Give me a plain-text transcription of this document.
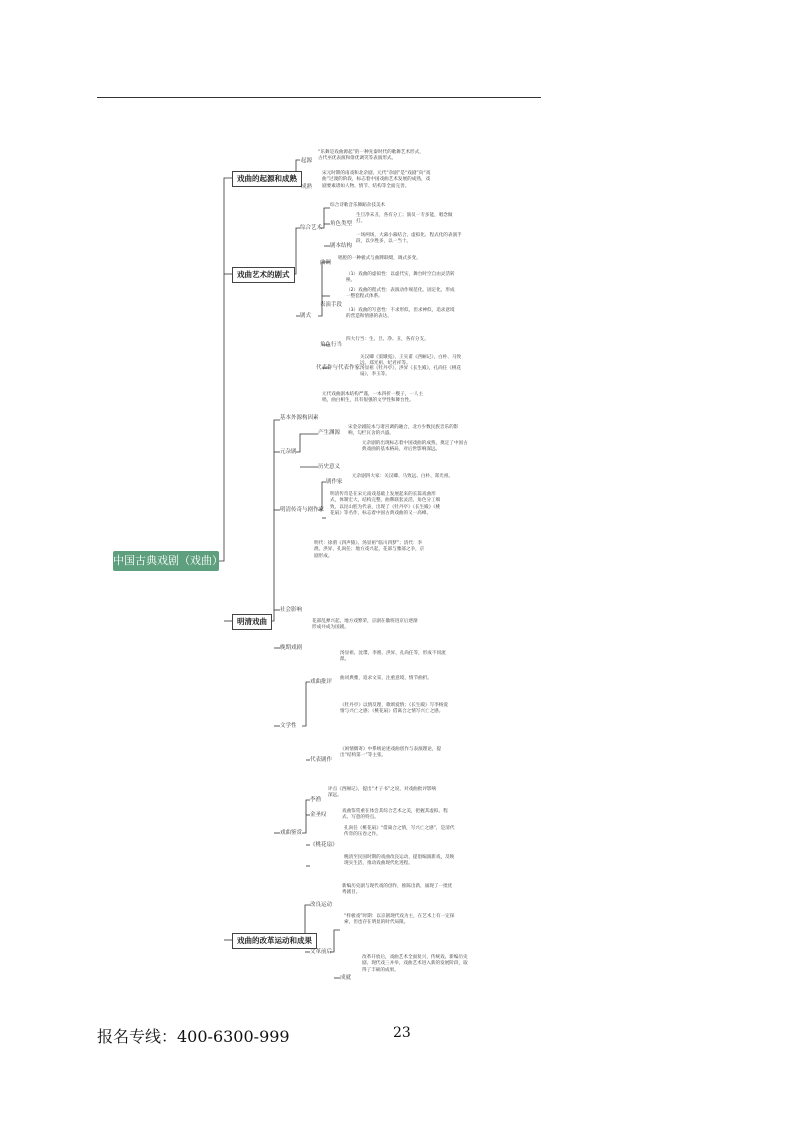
中国古典戏剧（戏曲）
戏曲的起源和成熟
戏曲艺术的剧式
明清戏曲
戏曲的改革运动和成果
起源
“乐舞是戏曲源起”的一种先秦时代的歌舞艺术形式，古代巫优表演和俳优调笑等表演形式。
成熟
宋元时期的南戏和北杂剧，元代“杂剧”是“戏剧”向“戏曲”过渡的阶段，标志着中国戏曲艺术发展的成熟，戏剧要素诸如人物、情节、结构等全面完善。
综合艺术
综合诗歌音乐舞蹈杂技美术
角色类型
生旦净末丑，各有分工；演员一专多能，唱念做打。
剧本结构
一场两场，大幕小幕结合，虚拟化、程式化的表演手段，以少胜多，以一当十。
剧式
曲调
唱腔的一种板式与曲牌联缀，调式多变。
表演手段
（1）戏曲的虚拟性：以虚代实，舞台时空自由灵活转换。
（2）戏曲的程式性：表演动作规范化、固定化，形成一整套程式体系。
（3）戏曲的写意性：不求形似，但求神似，追求意境的营造和情感的表达。
角色行当
四大行当：生、旦、净、丑，各有分支。
代表作与代表作家
关汉卿《窦娥冤》，王实甫《西厢记》，白朴、马致远、郑光祖、纪君祥等。
汤显祖《牡丹亭》，洪昇《长生殿》，孔尚任《桃花扇》，李玉等。
基本外源构因素
元代戏曲剧本结构严谨，一本四折一楔子，一人主唱，曲白相生，具有很强的文学性和舞台性。
元杂剧
产生渊源
宋金杂剧院本与诸宫调的融合，北方少数民族音乐的影响，勾栏瓦舍的兴盛。
历史意义
元杂剧的出现标志着中国戏曲的成熟，奠定了中国古典戏曲的基本格局，对后世影响深远。
明清传奇与剧作家
剧作家
元杂剧四大家：关汉卿、马致远、白朴、郑光祖。
明清传奇是在宋元南戏基础上发展起来的长篇戏曲形式，体制宏大，结构完整，曲牌联套灵活，角色分工细致，以昆山腔为代表，出现了《牡丹亭》《长生殿》《桃花扇》等名作，标志着中国古典戏曲的又一高峰。
社会影响
明代：徐渭《四声猿》、汤显祖“临川四梦”；清代：李渔、洪昇、孔尚任；地方戏兴起，花部与雅部之争，京剧形成。
晚期戏剧
花部乱弹兴起，地方戏繁荣，京剧在徽班进京后逐渐形成并成为国剧。
文学性
戏曲批评
汤显祖、沈璟、李渔、洪昇、孔尚任等，形成不同流派。
曲词典雅，追求文采，注重意境，情节曲折。
代表剧作
《牡丹亭》以情反理，歌颂爱情；《长生殿》写李杨爱情与兴亡之感；《桃花扇》借离合之情写兴亡之感。
《闲情偶寄》中系统论述戏曲创作与表演理论，提出“结构第一”等主张。
戏曲鉴赏
李渔
评点《西厢记》，提出“才子书”之说，对戏曲批评影响深远。
金圣叹
戏曲鉴赏重在体会其综合艺术之美，把握其虚拟、程式、写意的特点。
《桃花扇》
孔尚任《桃花扇》“借离合之情，写兴亡之感”，是清代传奇的压卷之作。
晚清至民国时期的戏曲改良运动，提倡编演新戏，反映现实生活，推动戏曲现代化进程。
改良运动
新编历史剧与现代戏的创作，推陈出新，涌现了一批优秀剧目。
文革前后
“样板戏”时期：以京剧现代戏为主，在艺术上有一定探索，但也存在明显的时代局限。
成就
改革开放后，戏曲艺术全面复兴，传统戏、新编历史剧、现代戏三并举，戏曲艺术进入新的发展阶段，取得了丰硕的成果。
报名专线：400-6300-999	23
